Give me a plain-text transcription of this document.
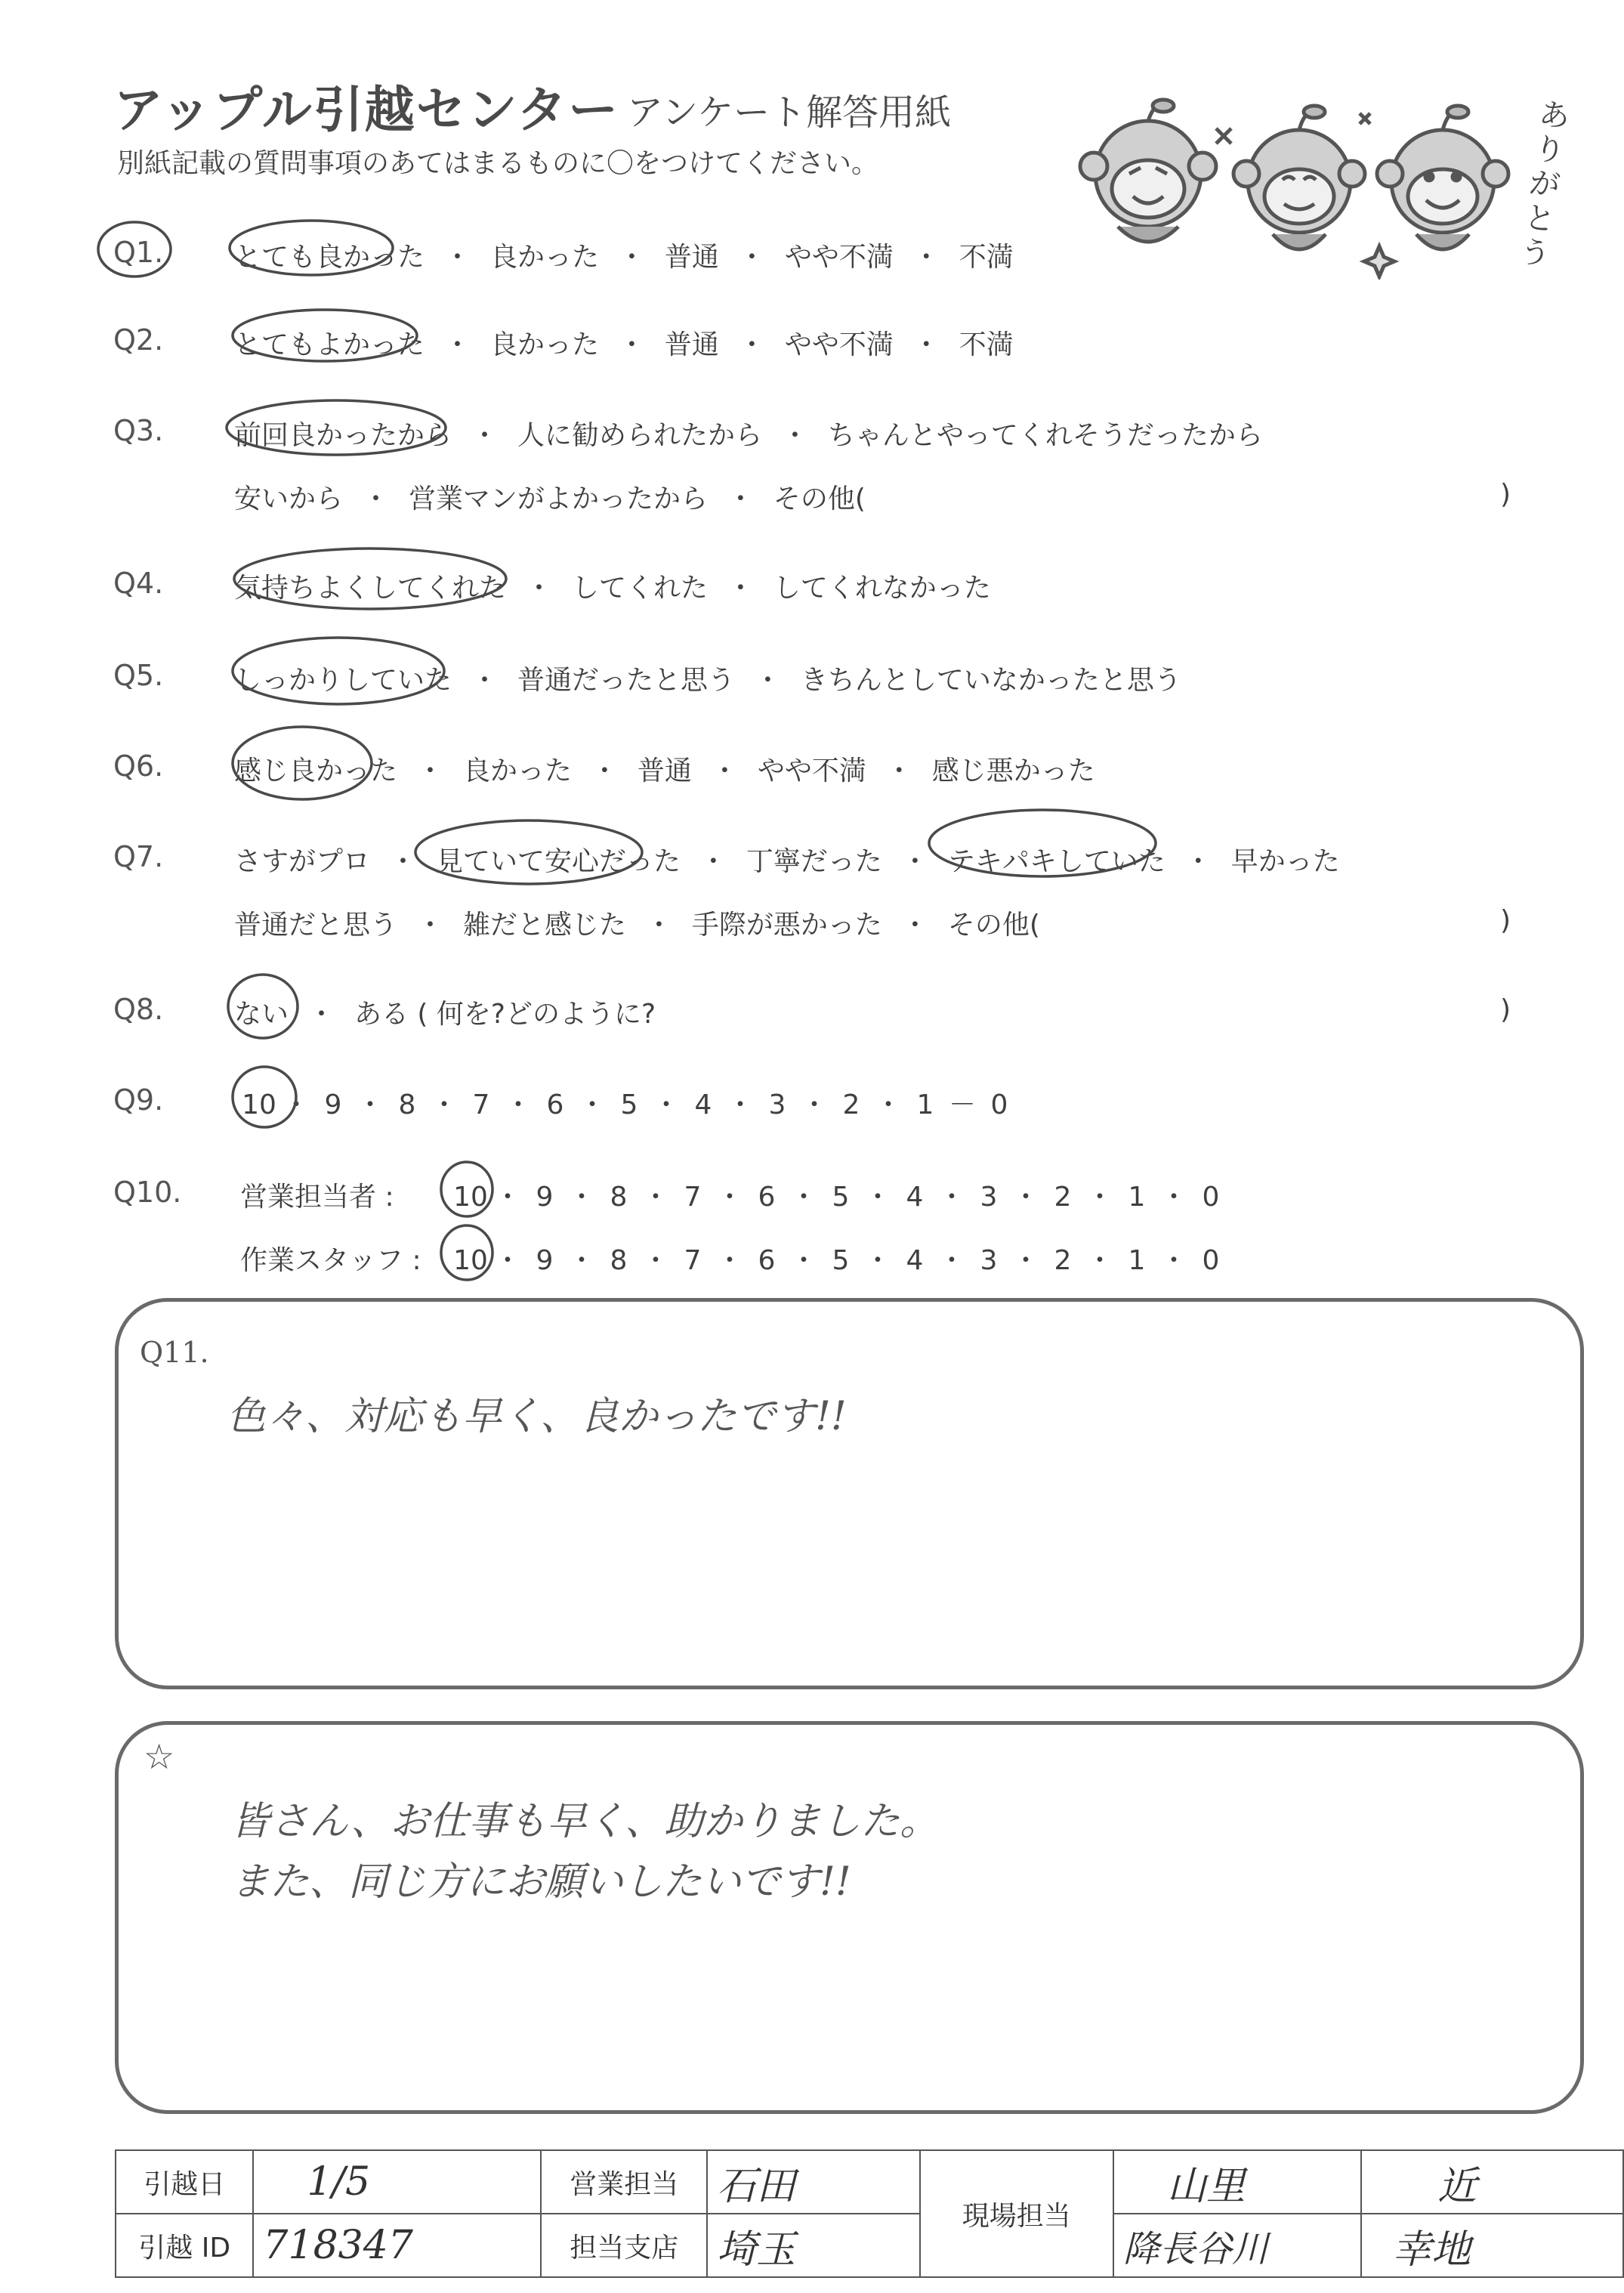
アップル引越センター アンケート解答用紙
別紙記載の質問事項のあてはまるものに〇をつけてください。
ありがとう
Q1.
Q2.
Q3.
Q4.
Q5.
Q6.
Q7.
Q8.
Q9.
Q10.
とても良かった ・ 良かった ・ 普通 ・ やや不満 ・ 不満
とてもよかった ・ 良かった ・ 普通 ・ やや不満 ・ 不満
前回良かったから ・ 人に勧められたから ・ ちゃんとやってくれそうだったから
安いから ・ 営業マンがよかったから ・ その他(	)
気持ちよくしてくれた ・ してくれた ・ してくれなかった
しっかりしていた ・ 普通だったと思う ・ きちんとしていなかったと思う
感じ良かった ・ 良かった ・ 普通 ・ やや不満 ・ 感じ悪かった
さすがプロ ・ 見ていて安心だった ・ 丁寧だった ・ テキパキしていた ・ 早かった
普通だと思う ・ 雑だと感じた ・ 手際が悪かった ・ その他(	)
ない ・ ある ( 何を?どのように?	)
10 ・ 9 ・ 8 ・ 7 ・ 6 ・ 5 ・ 4 ・ 3 ・ 2 ・ 1 － 0
営業担当者 : 10 ・ 9 ・ 8 ・ 7 ・ 6 ・ 5 ・ 4 ・ 3 ・ 2 ・ 1 ・ 0
作業スタッフ : 10 ・ 9 ・ 8 ・ 7 ・ 6 ・ 5 ・ 4 ・ 3 ・ 2 ・ 1 ・ 0
Q11.
色々、対応も早く、良かったです!!
☆
皆さん、お仕事も早く、助かりました。
また、同じ方にお願いしたいです!!
引越日	1/5	営業担当	石田	現場担当	山里	近
引越 ID	718347	担当支店	埼玉		降長谷川	幸地
